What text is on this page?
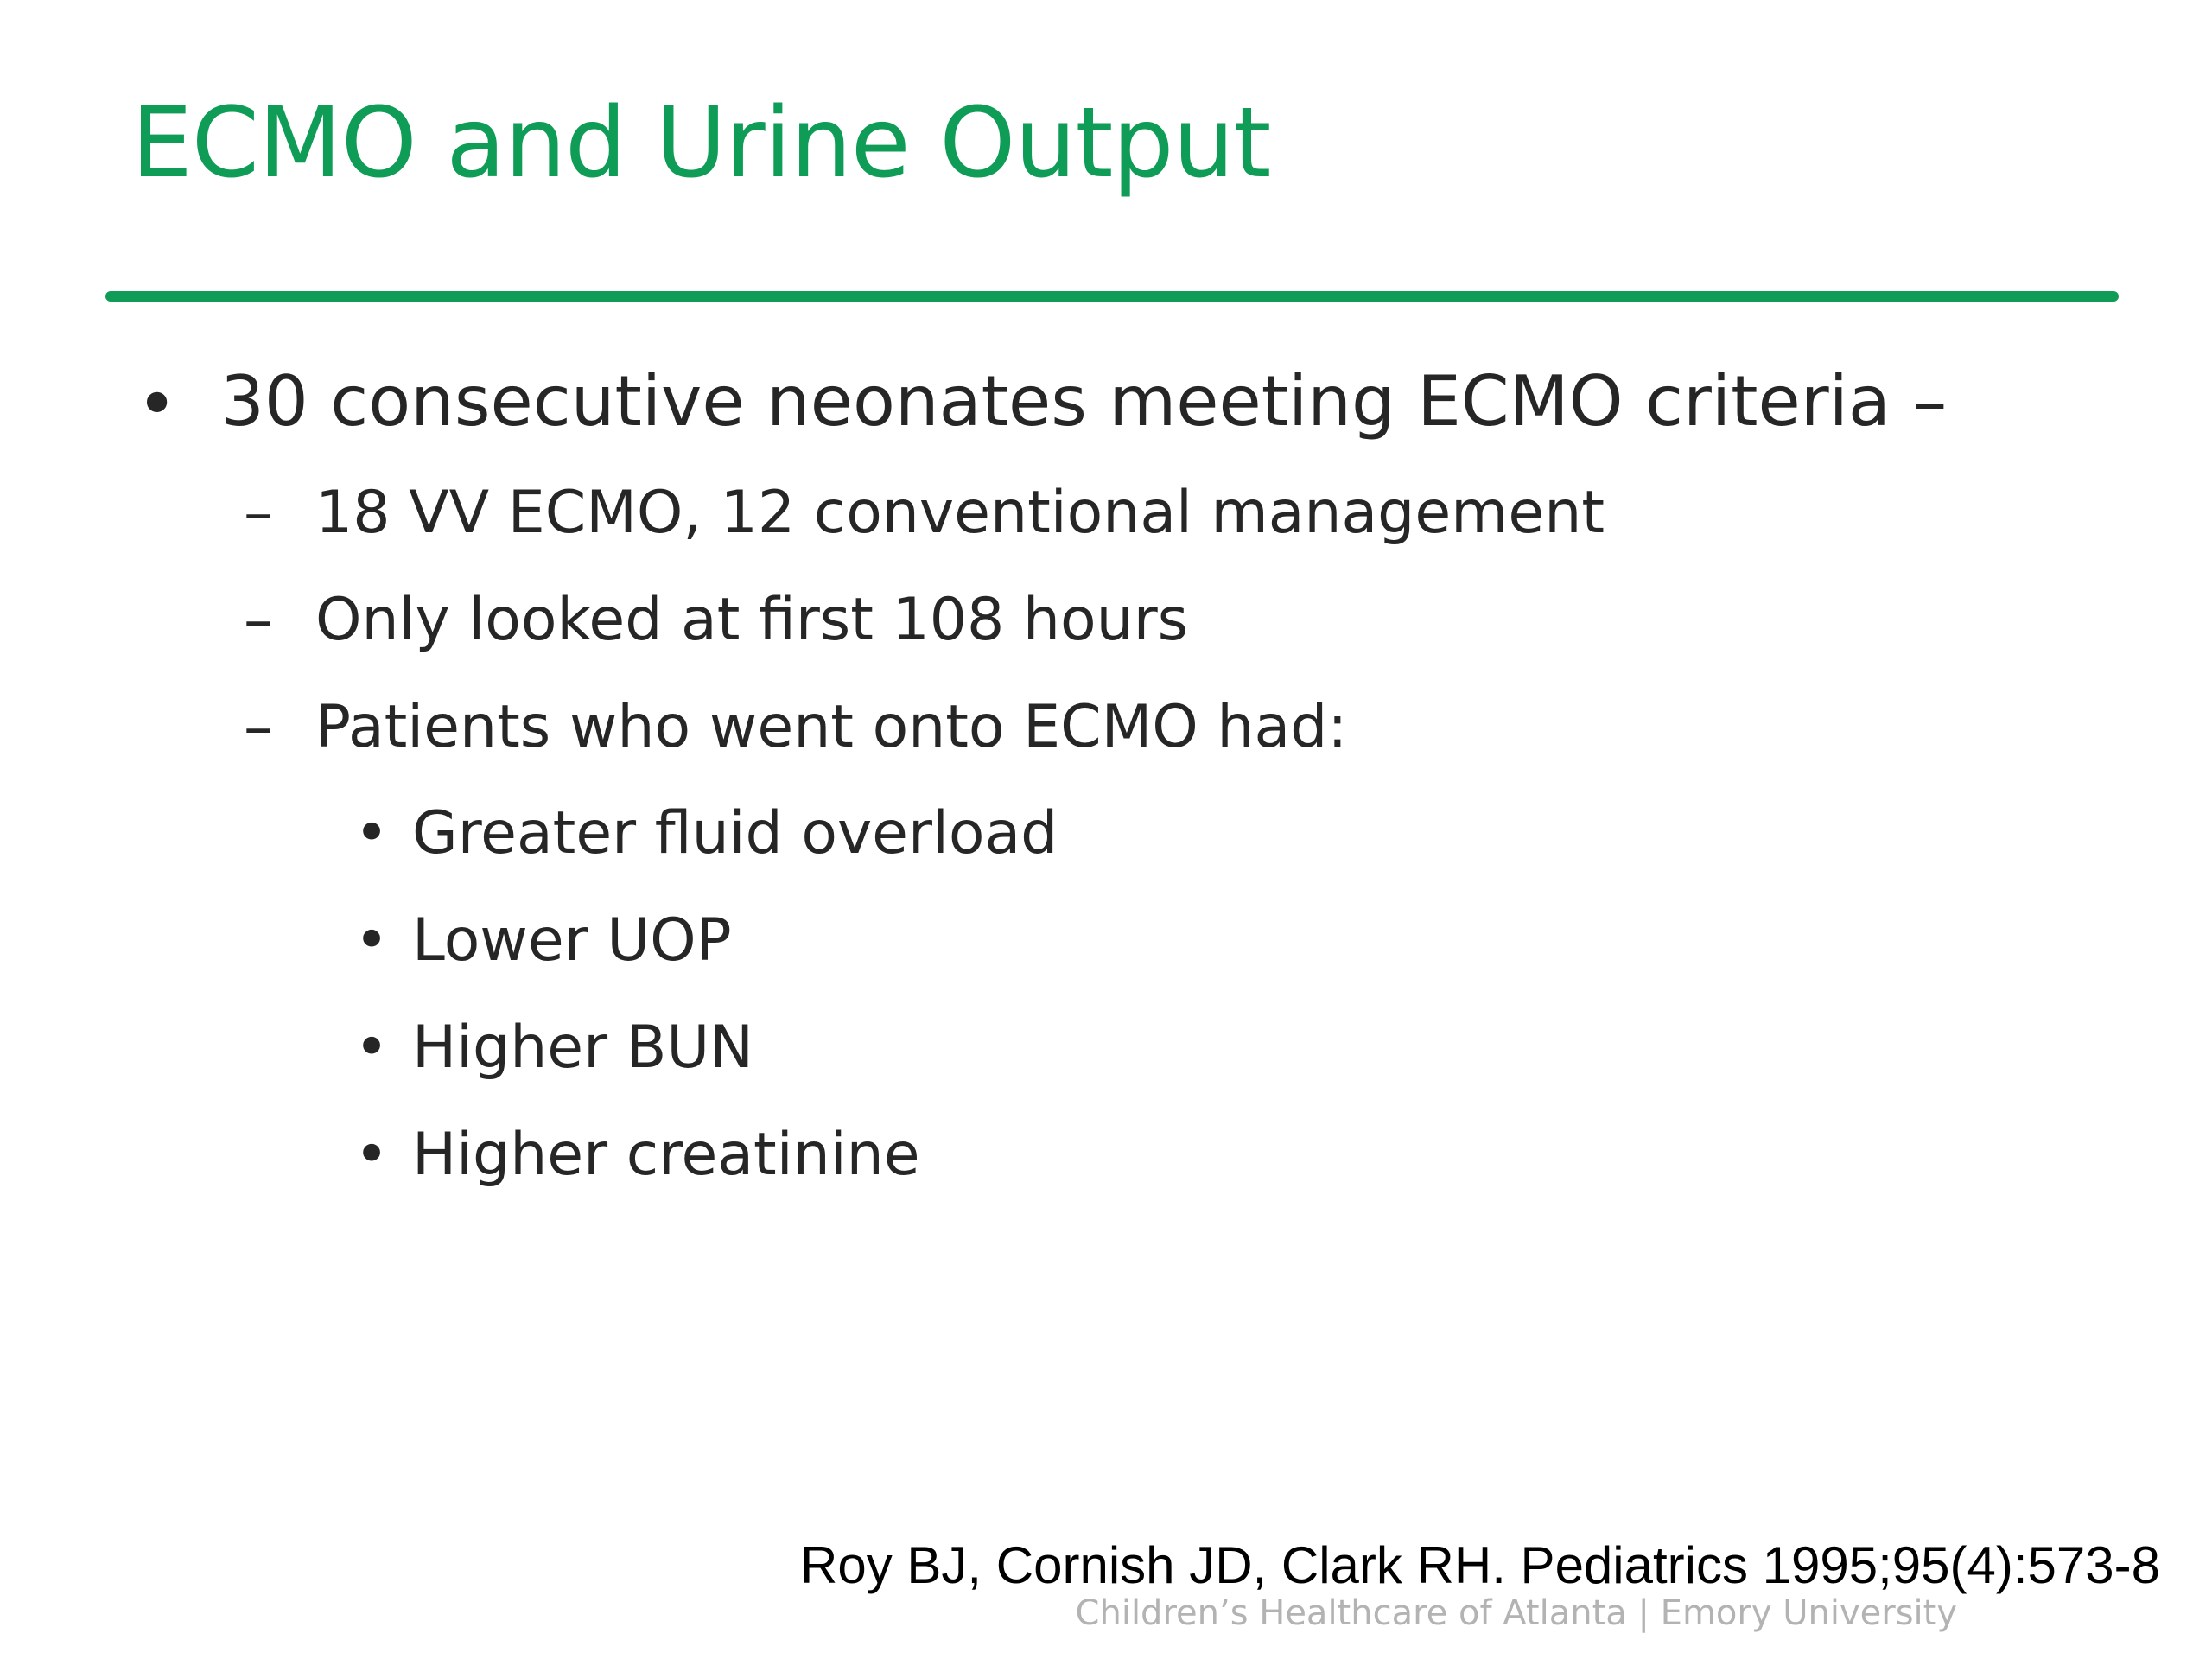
ECMO and Urine Output
• 30 consecutive neonates meeting ECMO criteria –
– 18 VV ECMO, 12 conventional management
– Only looked at first 108 hours
– Patients who went onto ECMO had:
• Greater fluid overload
• Lower UOP
• Higher BUN
• Higher creatinine
Roy BJ, Cornish JD, Clark RH. Pediatrics 1995;95(4):573-8
Children’s Healthcare of Atlanta | Emory University
